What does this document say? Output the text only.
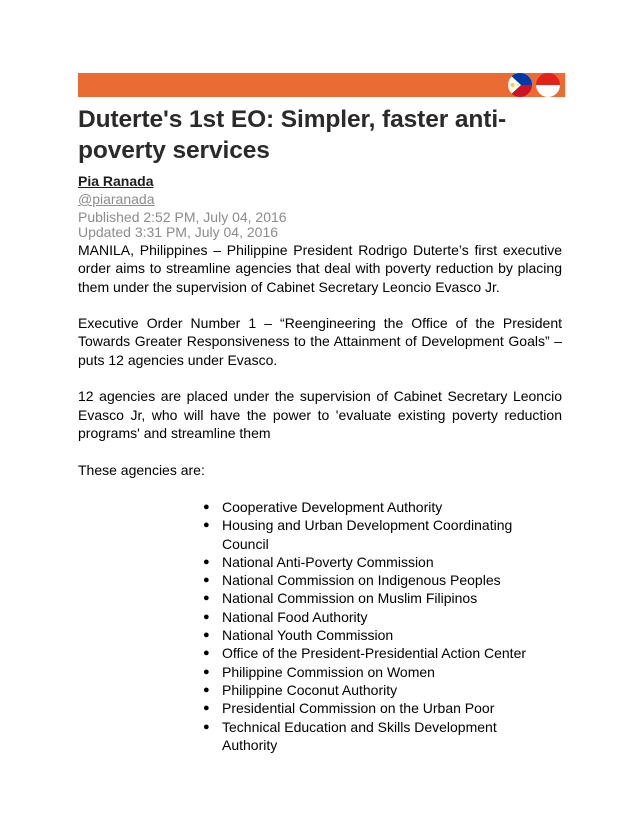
Duterte's 1st EO: Simpler, faster anti-poverty services
Pia Ranada
@piaranada
Published 2:52 PM, July 04, 2016
Updated 3:31 PM, July 04, 2016

MANILA, Philippines – Philippine President Rodrigo Duterte’s first executive order aims to streamline agencies that deal with poverty reduction by placing them under the supervision of Cabinet Secretary Leoncio Evasco Jr.

Executive Order Number 1 – “Reengineering the Office of the President Towards Greater Responsiveness to the Attainment of Development Goals” – puts 12 agencies under Evasco.

12 agencies are placed under the supervision of Cabinet Secretary Leoncio Evasco Jr, who will have the power to 'evaluate existing poverty reduction programs' and streamline them

These agencies are:

● Cooperative Development Authority
● Housing and Urban Development Coordinating Council
● National Anti-Poverty Commission
● National Commission on Indigenous Peoples
● National Commission on Muslim Filipinos
● National Food Authority
● National Youth Commission
● Office of the President-Presidential Action Center
● Philippine Commission on Women
● Philippine Coconut Authority
● Presidential Commission on the Urban Poor
● Technical Education and Skills Development Authority
